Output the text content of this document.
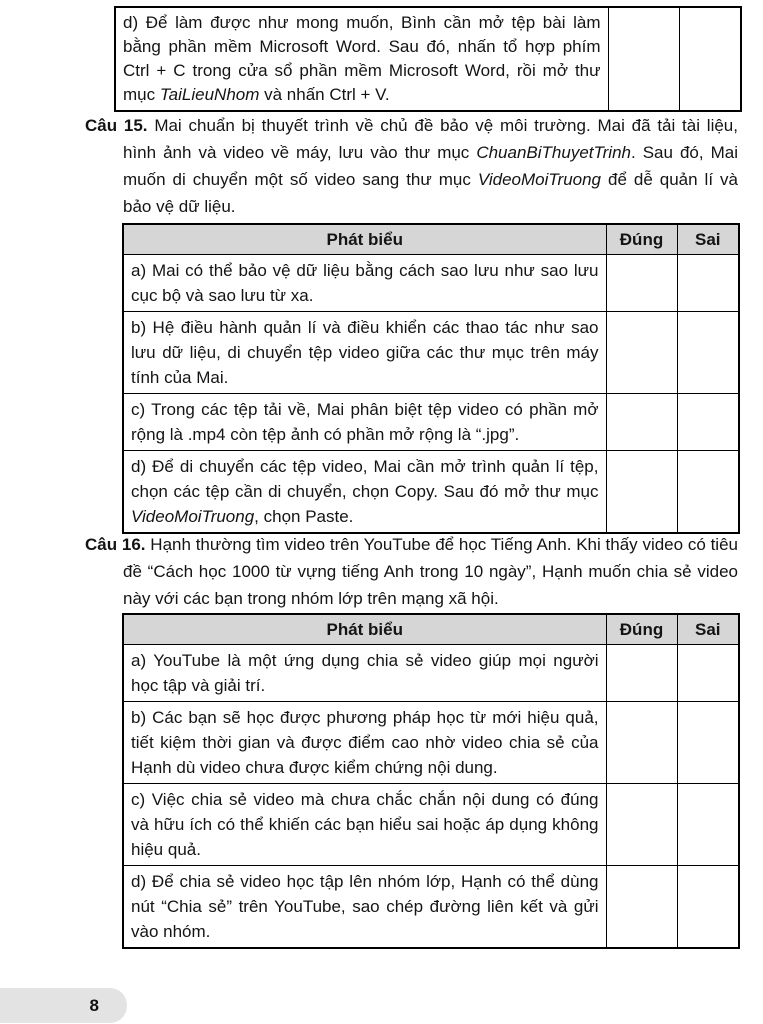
d) Để làm được như mong muốn, Bình cần mở tệp bài làm bằng phần mềm Microsoft Word. Sau đó, nhấn tổ hợp phím Ctrl + C trong cửa sổ phần mềm Microsoft Word, rồi mở thư mục TaiLieuNhom và nhấn Ctrl + V.		

Câu 15. Mai chuẩn bị thuyết trình về chủ đề bảo vệ môi trường. Mai đã tải tài liệu, hình ảnh và video về máy, lưu vào thư mục ChuanBiThuyetTrinh. Sau đó, Mai muốn di chuyển một số video sang thư mục VideoMoiTruong để dễ quản lí và bảo vệ dữ liệu.

Phát biểu	Đúng	Sai
a) Mai có thể bảo vệ dữ liệu bằng cách sao lưu như sao lưu cục bộ và sao lưu từ xa.		
b) Hệ điều hành quản lí và điều khiển các thao tác như sao lưu dữ liệu, di chuyển tệp video giữa các thư mục trên máy tính của Mai.		
c) Trong các tệp tải về, Mai phân biệt tệp video có phần mở rộng là .mp4 còn tệp ảnh có phần mở rộng là “.jpg”.		
d) Để di chuyển các tệp video, Mai cần mở trình quản lí tệp, chọn các tệp cần di chuyển, chọn Copy. Sau đó mở thư mục VideoMoiTruong, chọn Paste.		

Câu 16. Hạnh thường tìm video trên YouTube để học Tiếng Anh. Khi thấy video có tiêu đề “Cách học 1000 từ vựng tiếng Anh trong 10 ngày”, Hạnh muốn chia sẻ video này với các bạn trong nhóm lớp trên mạng xã hội.

Phát biểu	Đúng	Sai
a) YouTube là một ứng dụng chia sẻ video giúp mọi người học tập và giải trí.		
b) Các bạn sẽ học được phương pháp học từ mới hiệu quả, tiết kiệm thời gian và được điểm cao nhờ video chia sẻ của Hạnh dù video chưa được kiểm chứng nội dung.		
c) Việc chia sẻ video mà chưa chắc chắn nội dung có đúng và hữu ích có thể khiến các bạn hiểu sai hoặc áp dụng không hiệu quả.		
d) Để chia sẻ video học tập lên nhóm lớp, Hạnh có thể dùng nút “Chia sẻ” trên YouTube, sao chép đường liên kết và gửi vào nhóm.		
8
